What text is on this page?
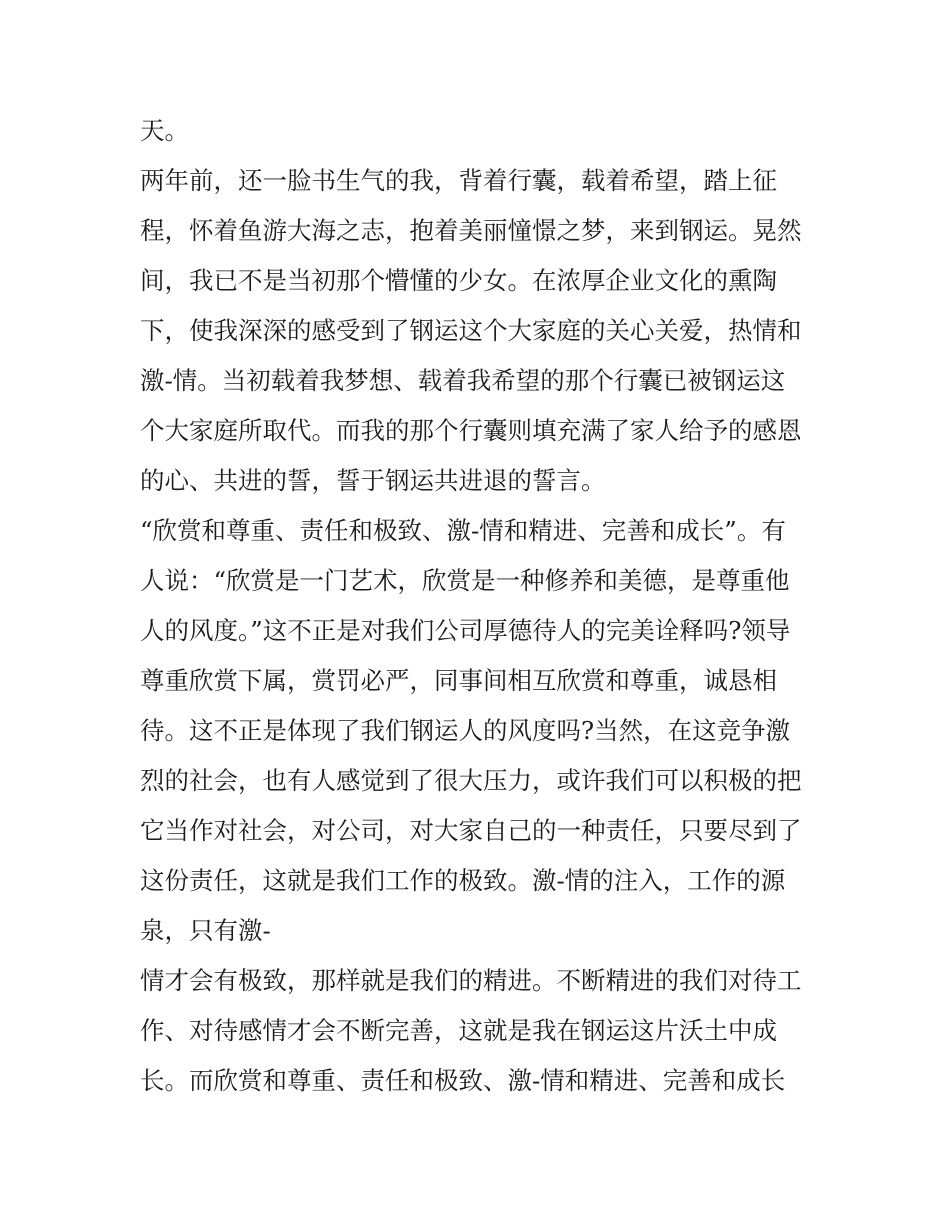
天。
两年前，还一脸书生气的我，背着行囊，载着希望，踏上征
程，怀着鱼游大海之志，抱着美丽憧憬之梦，来到钢运。晃然
间，我已不是当初那个懵懂的少女。在浓厚企业文化的熏陶
下，使我深深的感受到了钢运这个大家庭的关心关爱，热情和
激-情。当初载着我梦想、载着我希望的那个行囊已被钢运这
个大家庭所取代。而我的那个行囊则填充满了家人给予的感恩
的心、共进的誓，誓于钢运共进退的誓言。
“欣赏和尊重、责任和极致、激-情和精进、完善和成长”。有
人说：“欣赏是一门艺术，欣赏是一种修养和美德，是尊重他
人的风度。”这不正是对我们公司厚德待人的完美诠释吗?领导
尊重欣赏下属，赏罚必严，同事间相互欣赏和尊重，诚恳相
待。这不正是体现了我们钢运人的风度吗?当然，在这竞争激
烈的社会，也有人感觉到了很大压力，或许我们可以积极的把
它当作对社会，对公司，对大家自己的一种责任，只要尽到了
这份责任，这就是我们工作的极致。激-情的注入，工作的源
泉，只有激-
情才会有极致，那样就是我们的精进。不断精进的我们对待工
作、对待感情才会不断完善，这就是我在钢运这片沃土中成
长。而欣赏和尊重、责任和极致、激-情和精进、完善和成长
